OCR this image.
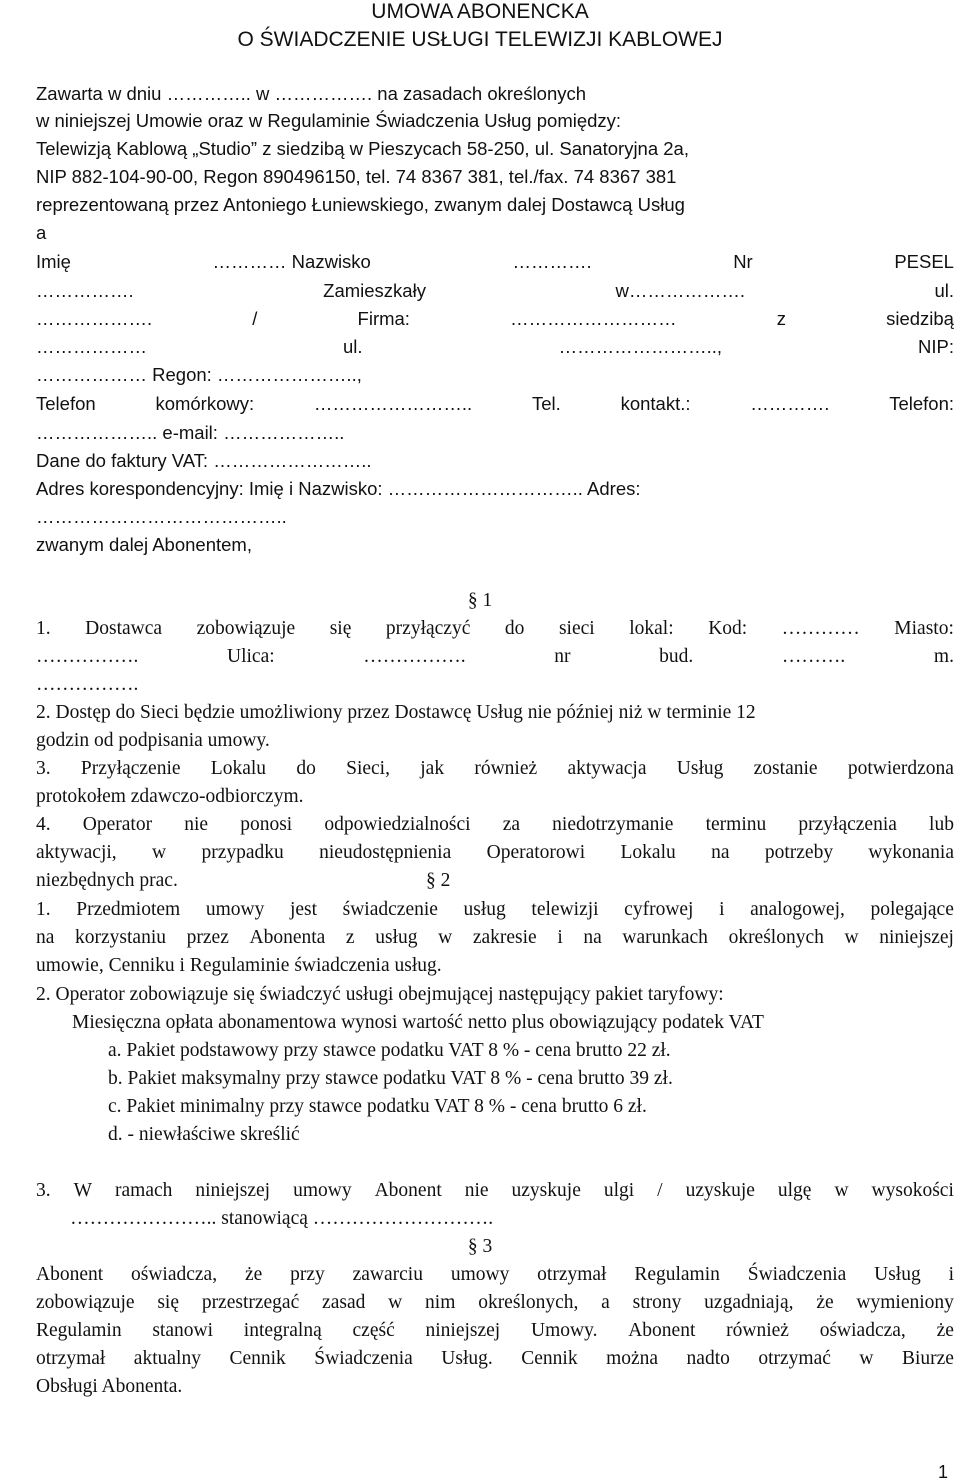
UMOWA ABONENCKA
O ŚWIADCZENIE USŁUGI TELEWIZJI KABLOWEJ
Zawarta w dniu ………….. w ……………. na zasadach określonych
w niniejszej Umowie oraz w Regulaminie Świadczenia Usług pomiędzy:
Telewizją Kablową „Studio” z siedzibą w Pieszycach 58-250, ul. Sanatoryjna 2a,
NIP 882-104-90-00, Regon 890496150, tel. 74 8367 381, tel./fax. 74 8367 381
reprezentowaną przez Antoniego Łuniewskiego, zwanym dalej Dostawcą Usług
a
Imię	………… Nazwisko	………….	Nr	PESEL
…………….	Zamieszkały	w……………….	ul.
……………….	/	Firma:	………………………	z	siedzibą
………………	ul.	……………………..,	NIP:
……………… Regon: …………………..,
Telefon	komórkowy:	……………………..	Tel.	kontakt.:	………….	Telefon:
……………….. e-mail: ………………..
Dane do faktury VAT: ……………………..
Adres korespondencyjny: Imię i Nazwisko: ………………………….. Adres:
…………………………………..
zwanym dalej Abonentem,
§ 1
1. Dostawca zobowiązuje się przyłączyć do sieci lokal: Kod: ………… Miasto:
…………….	Ulica:	…………….	nr	bud.	……….	m.
…………….
2. Dostęp do Sieci będzie umożliwiony przez Dostawcę Usług nie później niż w terminie 12
godzin od podpisania umowy.
3. Przyłączenie Lokalu do Sieci, jak również aktywacja Usług zostanie potwierdzona
protokołem zdawczo-odbiorczym.
4. Operator nie ponosi odpowiedzialności za niedotrzymanie terminu przyłączenia lub
aktywacji, w przypadku nieudostępnienia Operatorowi Lokalu na potrzeby wykonania
niezbędnych prac.	§ 2
1. Przedmiotem umowy jest świadczenie usług telewizji cyfrowej i analogowej, polegające
na korzystaniu przez Abonenta z usług w zakresie i na warunkach określonych w niniejszej
umowie, Cenniku i Regulaminie świadczenia usług.
2. Operator zobowiązuje się świadczyć usługi obejmującej następujący pakiet taryfowy:
Miesięczna opłata abonamentowa wynosi wartość netto plus obowiązujący podatek VAT
a. Pakiet podstawowy przy stawce podatku VAT 8 % - cena brutto 22 zł.
b. Pakiet maksymalny przy stawce podatku VAT 8 % - cena brutto 39 zł.
c. Pakiet minimalny przy stawce podatku VAT 8 % - cena brutto 6 zł.
d. - niewłaściwe skreślić
3. W ramach niniejszej umowy Abonent nie uzyskuje ulgi / uzyskuje ulgę w wysokości
………………….. stanowiącą ……………………….
§ 3
Abonent oświadcza, że przy zawarciu umowy otrzymał Regulamin Świadczenia Usług i
zobowiązuje się przestrzegać zasad w nim określonych, a strony uzgadniają, że wymieniony
Regulamin stanowi integralną część niniejszej Umowy. Abonent również oświadcza, że
otrzymał aktualny Cennik Świadczenia Usług. Cennik można nadto otrzymać w Biurze
Obsługi Abonenta.
1
